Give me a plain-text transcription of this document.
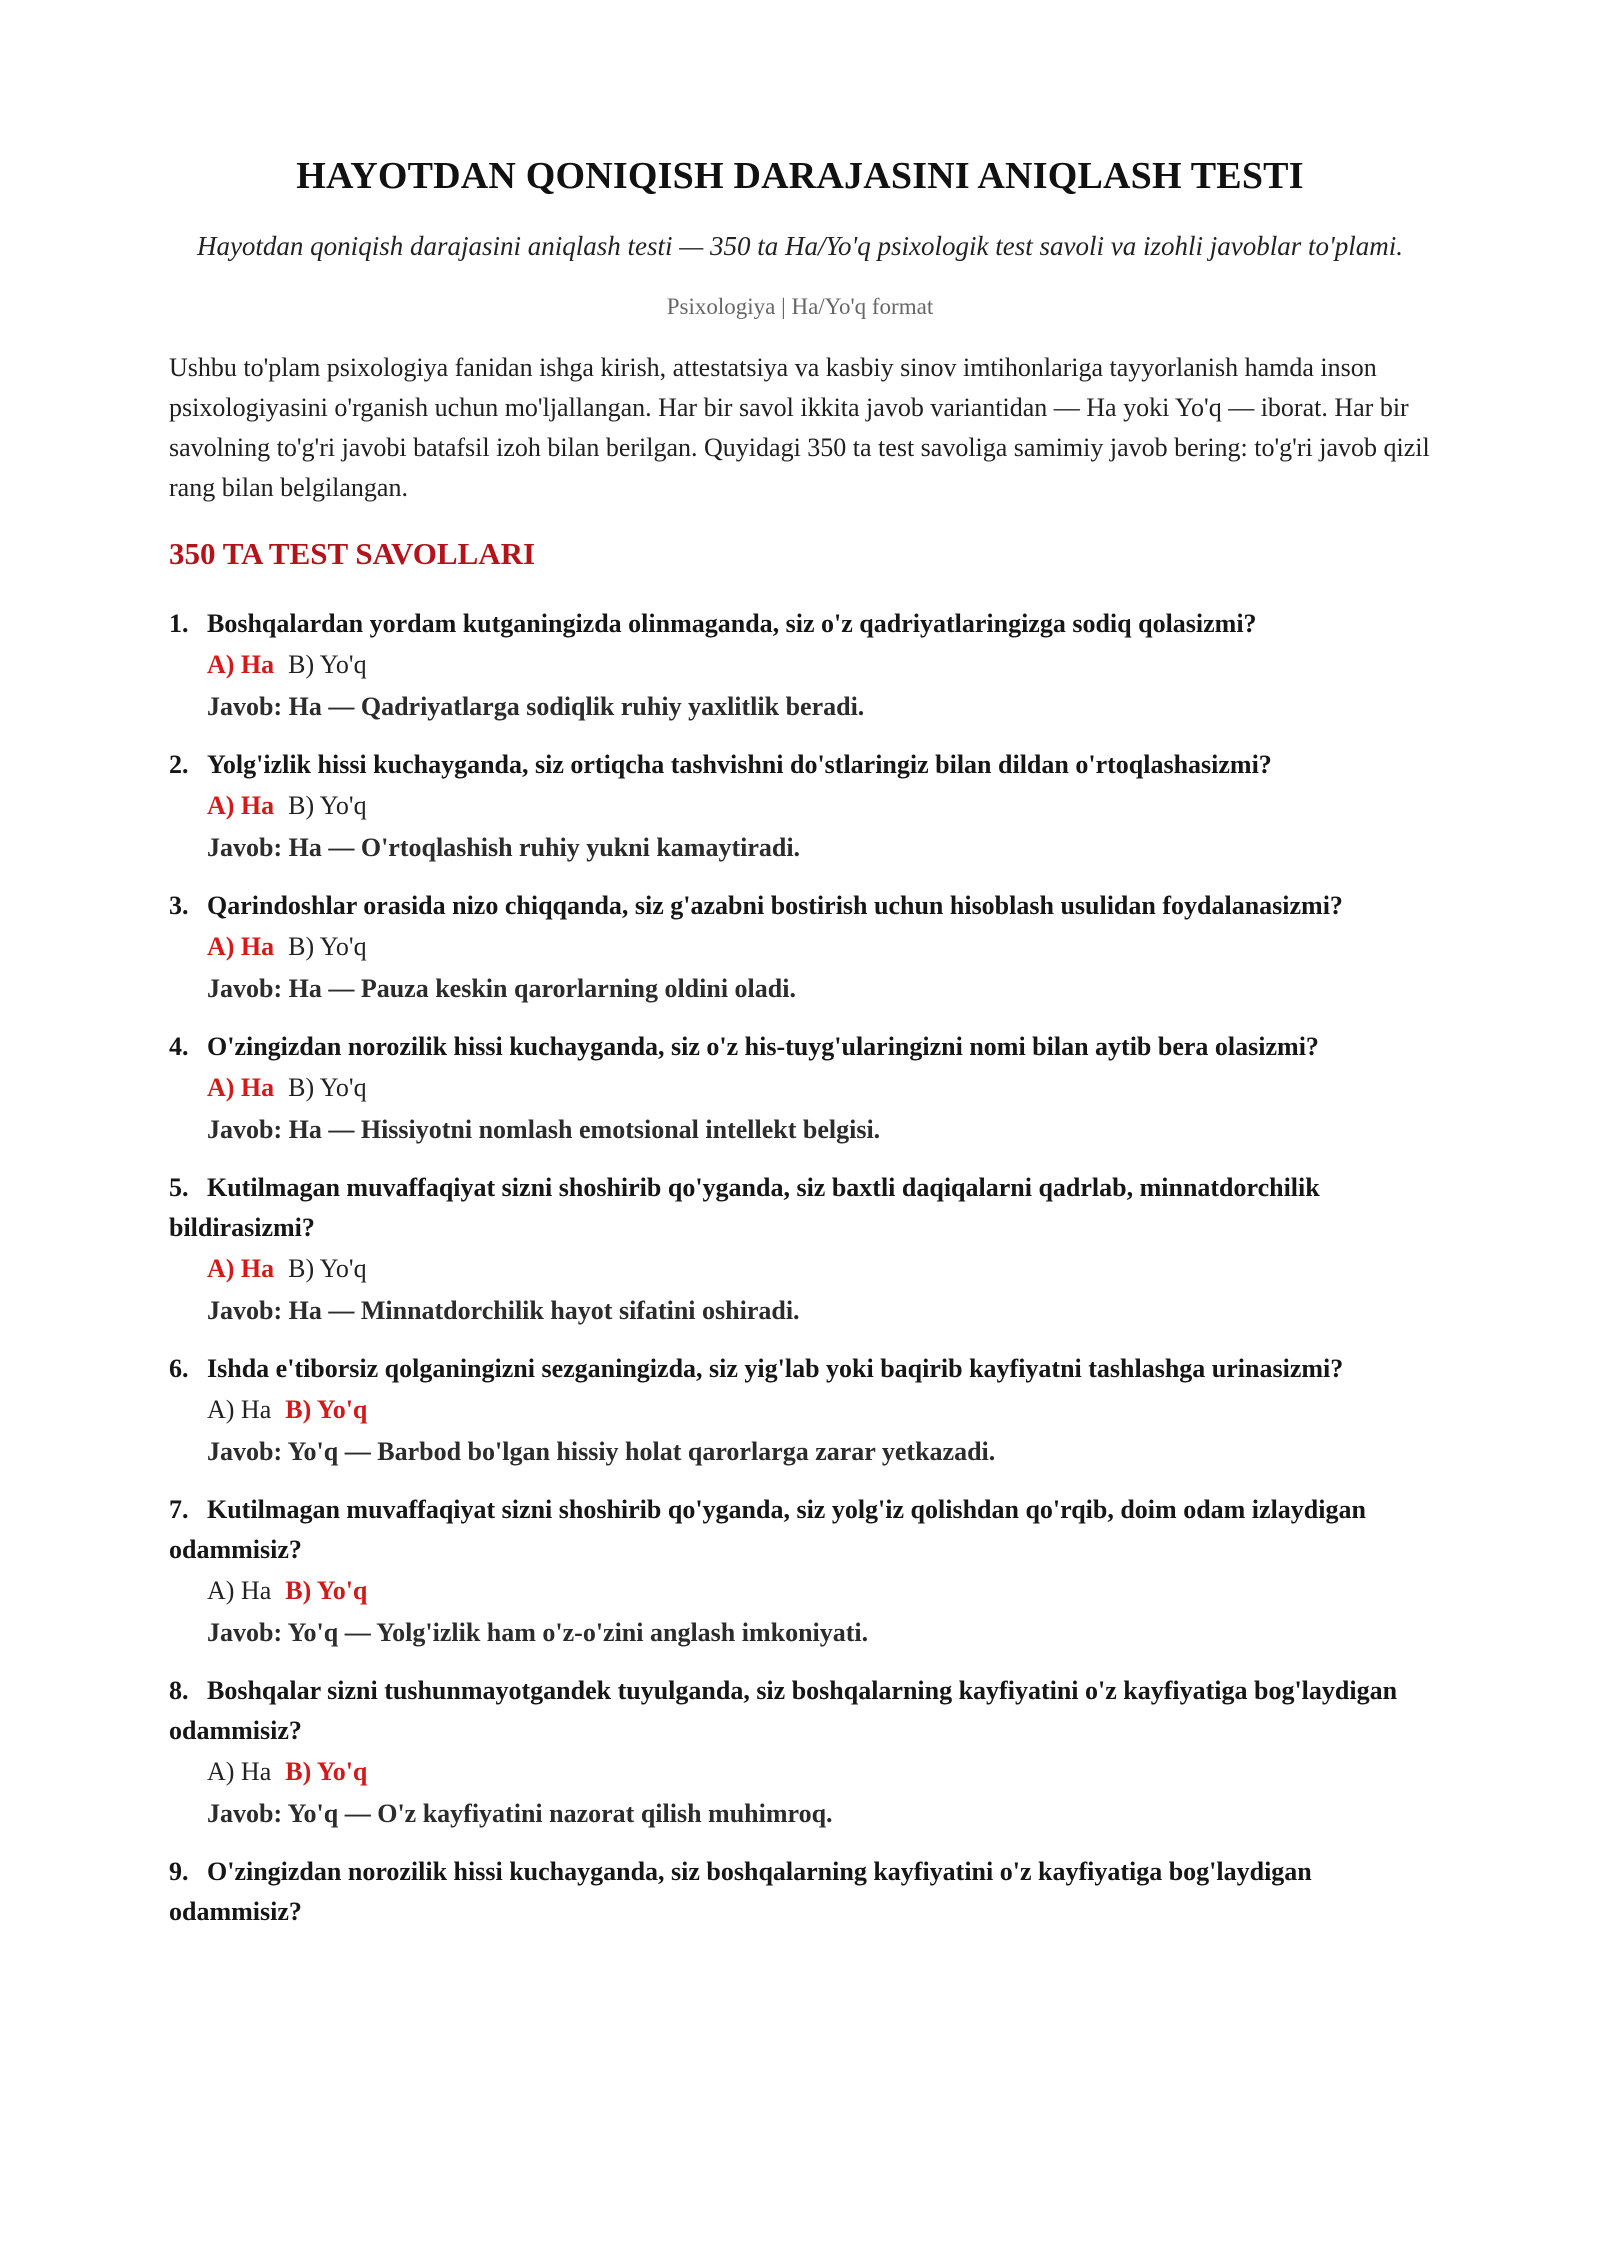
HAYOTDAN QONIQISH DARAJASINI ANIQLASH TESTI
Hayotdan qoniqish darajasini aniqlash testi — 350 ta Ha/Yo'q psixologik test savoli va izohli javoblar to'plami.
Psixologiya | Ha/Yo'q format
Ushbu to'plam psixologiya fanidan ishga kirish, attestatsiya va kasbiy sinov imtihonlariga tayyorlanish hamda inson psixologiyasini o'rganish uchun mo'ljallangan. Har bir savol ikkita javob variantidan — Ha yoki Yo'q — iborat. Har bir savolning to'g'ri javobi batafsil izoh bilan berilgan. Quyidagi 350 ta test savoliga samimiy javob bering: to'g'ri javob qizil rang bilan belgilangan.
350 TA TEST SAVOLLARI
1. Boshqalardan yordam kutganingizda olinmaganda, siz o'z qadriyatlaringizga sodiq qolasizmi?
A) Ha B) Yo'q
Javob: Ha — Qadriyatlarga sodiqlik ruhiy yaxlitlik beradi.
2. Yolg'izlik hissi kuchayganda, siz ortiqcha tashvishni do'stlaringiz bilan dildan o'rtoqlashasizmi?
A) Ha B) Yo'q
Javob: Ha — O'rtoqlashish ruhiy yukni kamaytiradi.
3. Qarindoshlar orasida nizo chiqqanda, siz g'azabni bostirish uchun hisoblash usulidan foydalanasizmi?
A) Ha B) Yo'q
Javob: Ha — Pauza keskin qarorlarning oldini oladi.
4. O'zingizdan norozilik hissi kuchayganda, siz o'z his-tuyg'ularingizni nomi bilan aytib bera olasizmi?
A) Ha B) Yo'q
Javob: Ha — Hissiyotni nomlash emotsional intellekt belgisi.
5. Kutilmagan muvaffaqiyat sizni shoshirib qo'yganda, siz baxtli daqiqalarni qadrlab, minnatdorchilik bildirasizmi?
A) Ha B) Yo'q
Javob: Ha — Minnatdorchilik hayot sifatini oshiradi.
6. Ishda e'tiborsiz qolganingizni sezganingizda, siz yig'lab yoki baqirib kayfiyatni tashlashga urinasizmi?
A) Ha B) Yo'q
Javob: Yo'q — Barbod bo'lgan hissiy holat qarorlarga zarar yetkazadi.
7. Kutilmagan muvaffaqiyat sizni shoshirib qo'yganda, siz yolg'iz qolishdan qo'rqib, doim odam izlaydigan odammisiz?
A) Ha B) Yo'q
Javob: Yo'q — Yolg'izlik ham o'z-o'zini anglash imkoniyati.
8. Boshqalar sizni tushunmayotgandek tuyulganda, siz boshqalarning kayfiyatini o'z kayfiyatiga bog'laydigan odammisiz?
A) Ha B) Yo'q
Javob: Yo'q — O'z kayfiyatini nazorat qilish muhimroq.
9. O'zingizdan norozilik hissi kuchayganda, siz boshqalarning kayfiyatini o'z kayfiyatiga bog'laydigan odammisiz?
